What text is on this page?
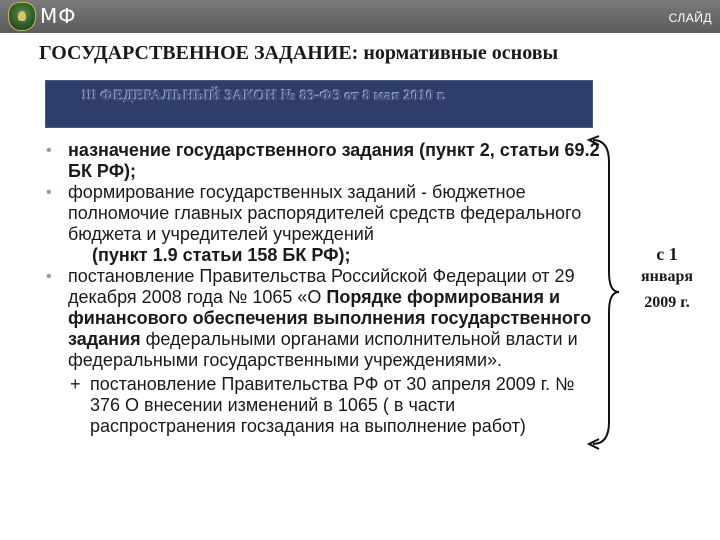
МФ	СЛАЙД
ГОСУДАРСТВЕННОЕ ЗАДАНИЕ: нормативные основы
!!! ФЕДЕРАЛЬНЫЙ ЗАКОН № 83-ФЗ от 8 мая 2010 г.
• назначение государственного задания (пункт 2, статьи 69.2 БК РФ);
• формирование государственных заданий - бюджетное полномочие главных распорядителей средств федерального бюджета и учредителей учреждений
(пункт 1.9 статьи 158 БК РФ);
• постановление Правительства Российской Федерации от 29 декабря 2008 года № 1065 «О Порядке формирования и финансового обеспечения выполнения государственного задания федеральными органами исполнительной власти и федеральными государственными учреждениями».
+ постановление Правительства РФ от 30 апреля 2009 г. № 376 О внесении изменений в 1065 ( в части распространения госзадания на выполнение работ)
с 1
января
2009 г.
